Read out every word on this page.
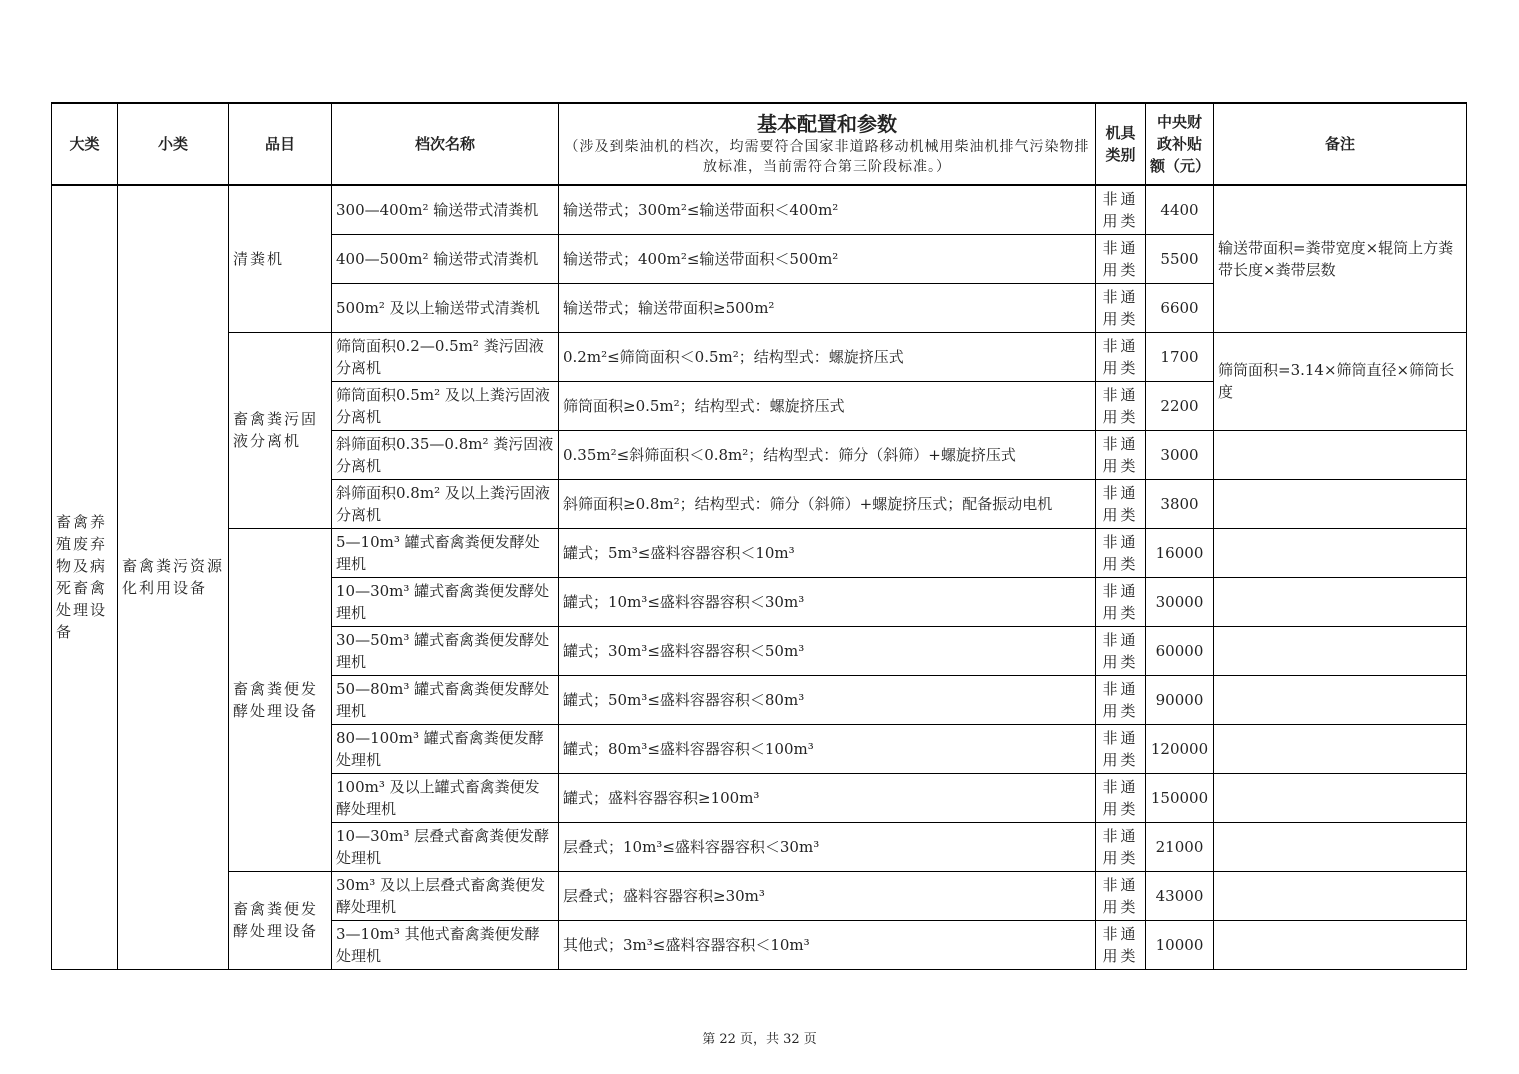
大类	小类	品目	档次名称	基本配置和参数
（涉及到柴油机的档次，均需要符合国家非道路移动机械用柴油机排气污染物排放标准，当前需符合第三阶段标准。）	机具类别	中央财政补贴额（元）	备注
畜禽养殖废弃物及病死畜禽处理设备	畜禽粪污资源化利用设备	清粪机	300—400m² 输送带式清粪机	输送带式；300m²≤输送带面积＜400m²	非通用类	4400	输送带面积=粪带宽度×辊筒上方粪带长度×粪带层数
			400—500m² 输送带式清粪机	输送带式；400m²≤输送带面积＜500m²	非通用类	5500	
			500m² 及以上输送带式清粪机	输送带式；输送带面积≥500m²	非通用类	6600	
		畜禽粪污固液分离机	筛筒面积0.2—0.5m² 粪污固液分离机	0.2m²≤筛筒面积＜0.5m²；结构型式：螺旋挤压式	非通用类	1700	筛筒面积=3.14×筛筒直径×筛筒长度
			筛筒面积0.5m² 及以上粪污固液分离机	筛筒面积≥0.5m²；结构型式：螺旋挤压式	非通用类	2200	
			斜筛面积0.35—0.8m² 粪污固液分离机	0.35m²≤斜筛面积＜0.8m²；结构型式：筛分（斜筛）+螺旋挤压式	非通用类	3000	
			斜筛面积0.8m² 及以上粪污固液分离机	斜筛面积≥0.8m²；结构型式：筛分（斜筛）+螺旋挤压式；配备振动电机	非通用类	3800	
		畜禽粪便发酵处理设备	5—10m³ 罐式畜禽粪便发酵处理机	罐式；5m³≤盛料容器容积＜10m³	非通用类	16000	
			10—30m³ 罐式畜禽粪便发酵处理机	罐式；10m³≤盛料容器容积＜30m³	非通用类	30000	
			30—50m³ 罐式畜禽粪便发酵处理机	罐式；30m³≤盛料容器容积＜50m³	非通用类	60000	
			50—80m³ 罐式畜禽粪便发酵处理机	罐式；50m³≤盛料容器容积＜80m³	非通用类	90000	
			80—100m³ 罐式畜禽粪便发酵处理机	罐式；80m³≤盛料容器容积＜100m³	非通用类	120000	
			100m³ 及以上罐式畜禽粪便发酵处理机	罐式；盛料容器容积≥100m³	非通用类	150000	
			10—30m³ 层叠式畜禽粪便发酵处理机	层叠式；10m³≤盛料容器容积＜30m³	非通用类	21000	
		畜禽粪便发酵处理设备	30m³ 及以上层叠式畜禽粪便发酵处理机	层叠式；盛料容器容积≥30m³	非通用类	43000	
			3—10m³ 其他式畜禽粪便发酵处理机	其他式；3m³≤盛料容器容积＜10m³	非通用类	10000	
第 22 页，共 32 页
